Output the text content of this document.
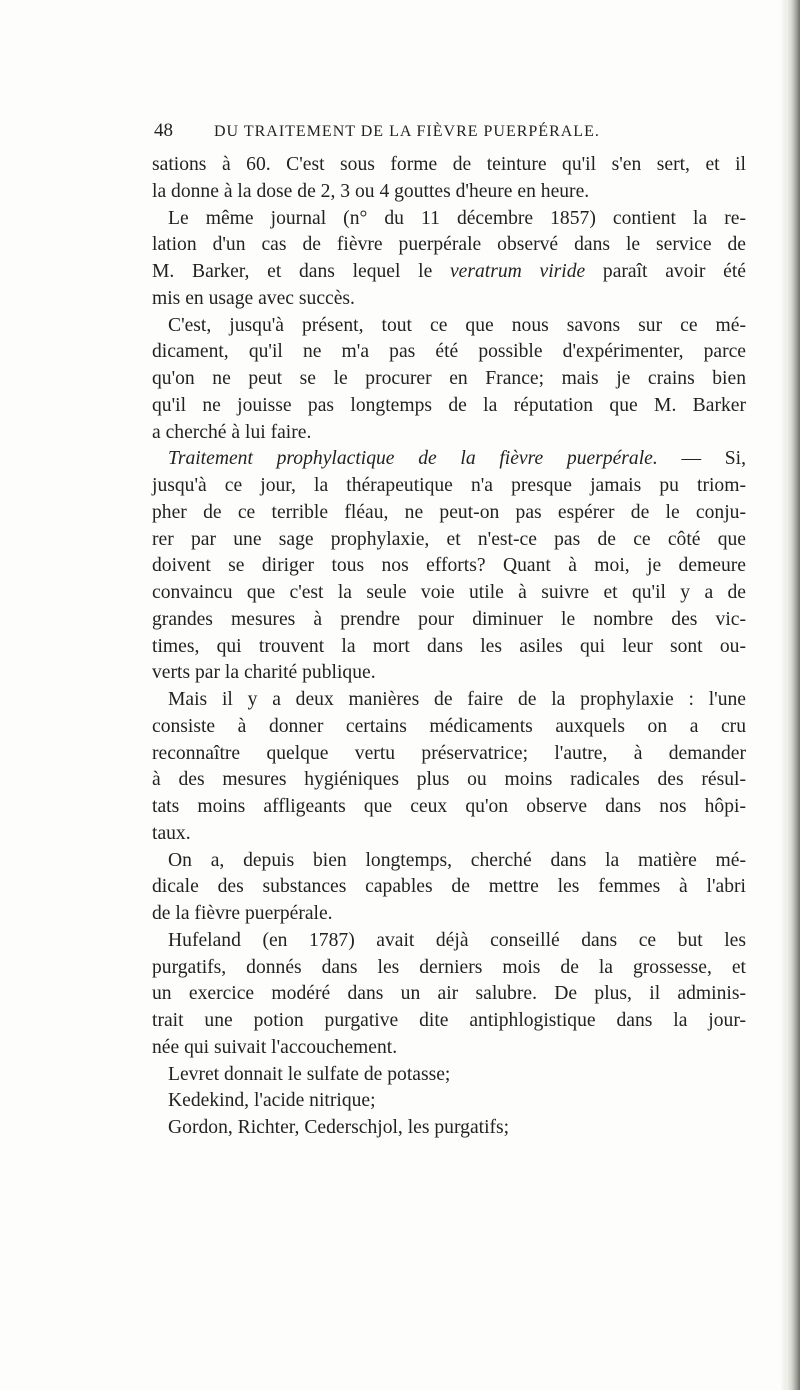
48	DU TRAITEMENT DE LA FIÈVRE PUERPÉRALE.
sations à 60. C'est sous forme de teinture qu'il s'en sert, et il
la donne à la dose de 2, 3 ou 4 gouttes d'heure en heure.
Le même journal (n° du 11 décembre 1857) contient la re-
lation d'un cas de fièvre puerpérale observé dans le service de
M. Barker, et dans lequel le veratrum viride paraît avoir été
mis en usage avec succès.
C'est, jusqu'à présent, tout ce que nous savons sur ce mé-
dicament, qu'il ne m'a pas été possible d'expérimenter, parce
qu'on ne peut se le procurer en France; mais je crains bien
qu'il ne jouisse pas longtemps de la réputation que M. Barker
a cherché à lui faire.
Traitement prophylactique de la fièvre puerpérale. — Si,
jusqu'à ce jour, la thérapeutique n'a presque jamais pu triom-
pher de ce terrible fléau, ne peut-on pas espérer de le conju-
rer par une sage prophylaxie, et n'est-ce pas de ce côté que
doivent se diriger tous nos efforts? Quant à moi, je demeure
convaincu que c'est la seule voie utile à suivre et qu'il y a de
grandes mesures à prendre pour diminuer le nombre des vic-
times, qui trouvent la mort dans les asiles qui leur sont ou-
verts par la charité publique.
Mais il y a deux manières de faire de la prophylaxie : l'une
consiste à donner certains médicaments auxquels on a cru
reconnaître quelque vertu préservatrice; l'autre, à demander
à des mesures hygiéniques plus ou moins radicales des résul-
tats moins affligeants que ceux qu'on observe dans nos hôpi-
taux.
On a, depuis bien longtemps, cherché dans la matière mé-
dicale des substances capables de mettre les femmes à l'abri
de la fièvre puerpérale.
Hufeland (en 1787) avait déjà conseillé dans ce but les
purgatifs, donnés dans les derniers mois de la grossesse, et
un exercice modéré dans un air salubre. De plus, il adminis-
trait une potion purgative dite antiphlogistique dans la jour-
née qui suivait l'accouchement.
Levret donnait le sulfate de potasse;
Kedekind, l'acide nitrique;
Gordon, Richter, Cederschjol, les purgatifs;
